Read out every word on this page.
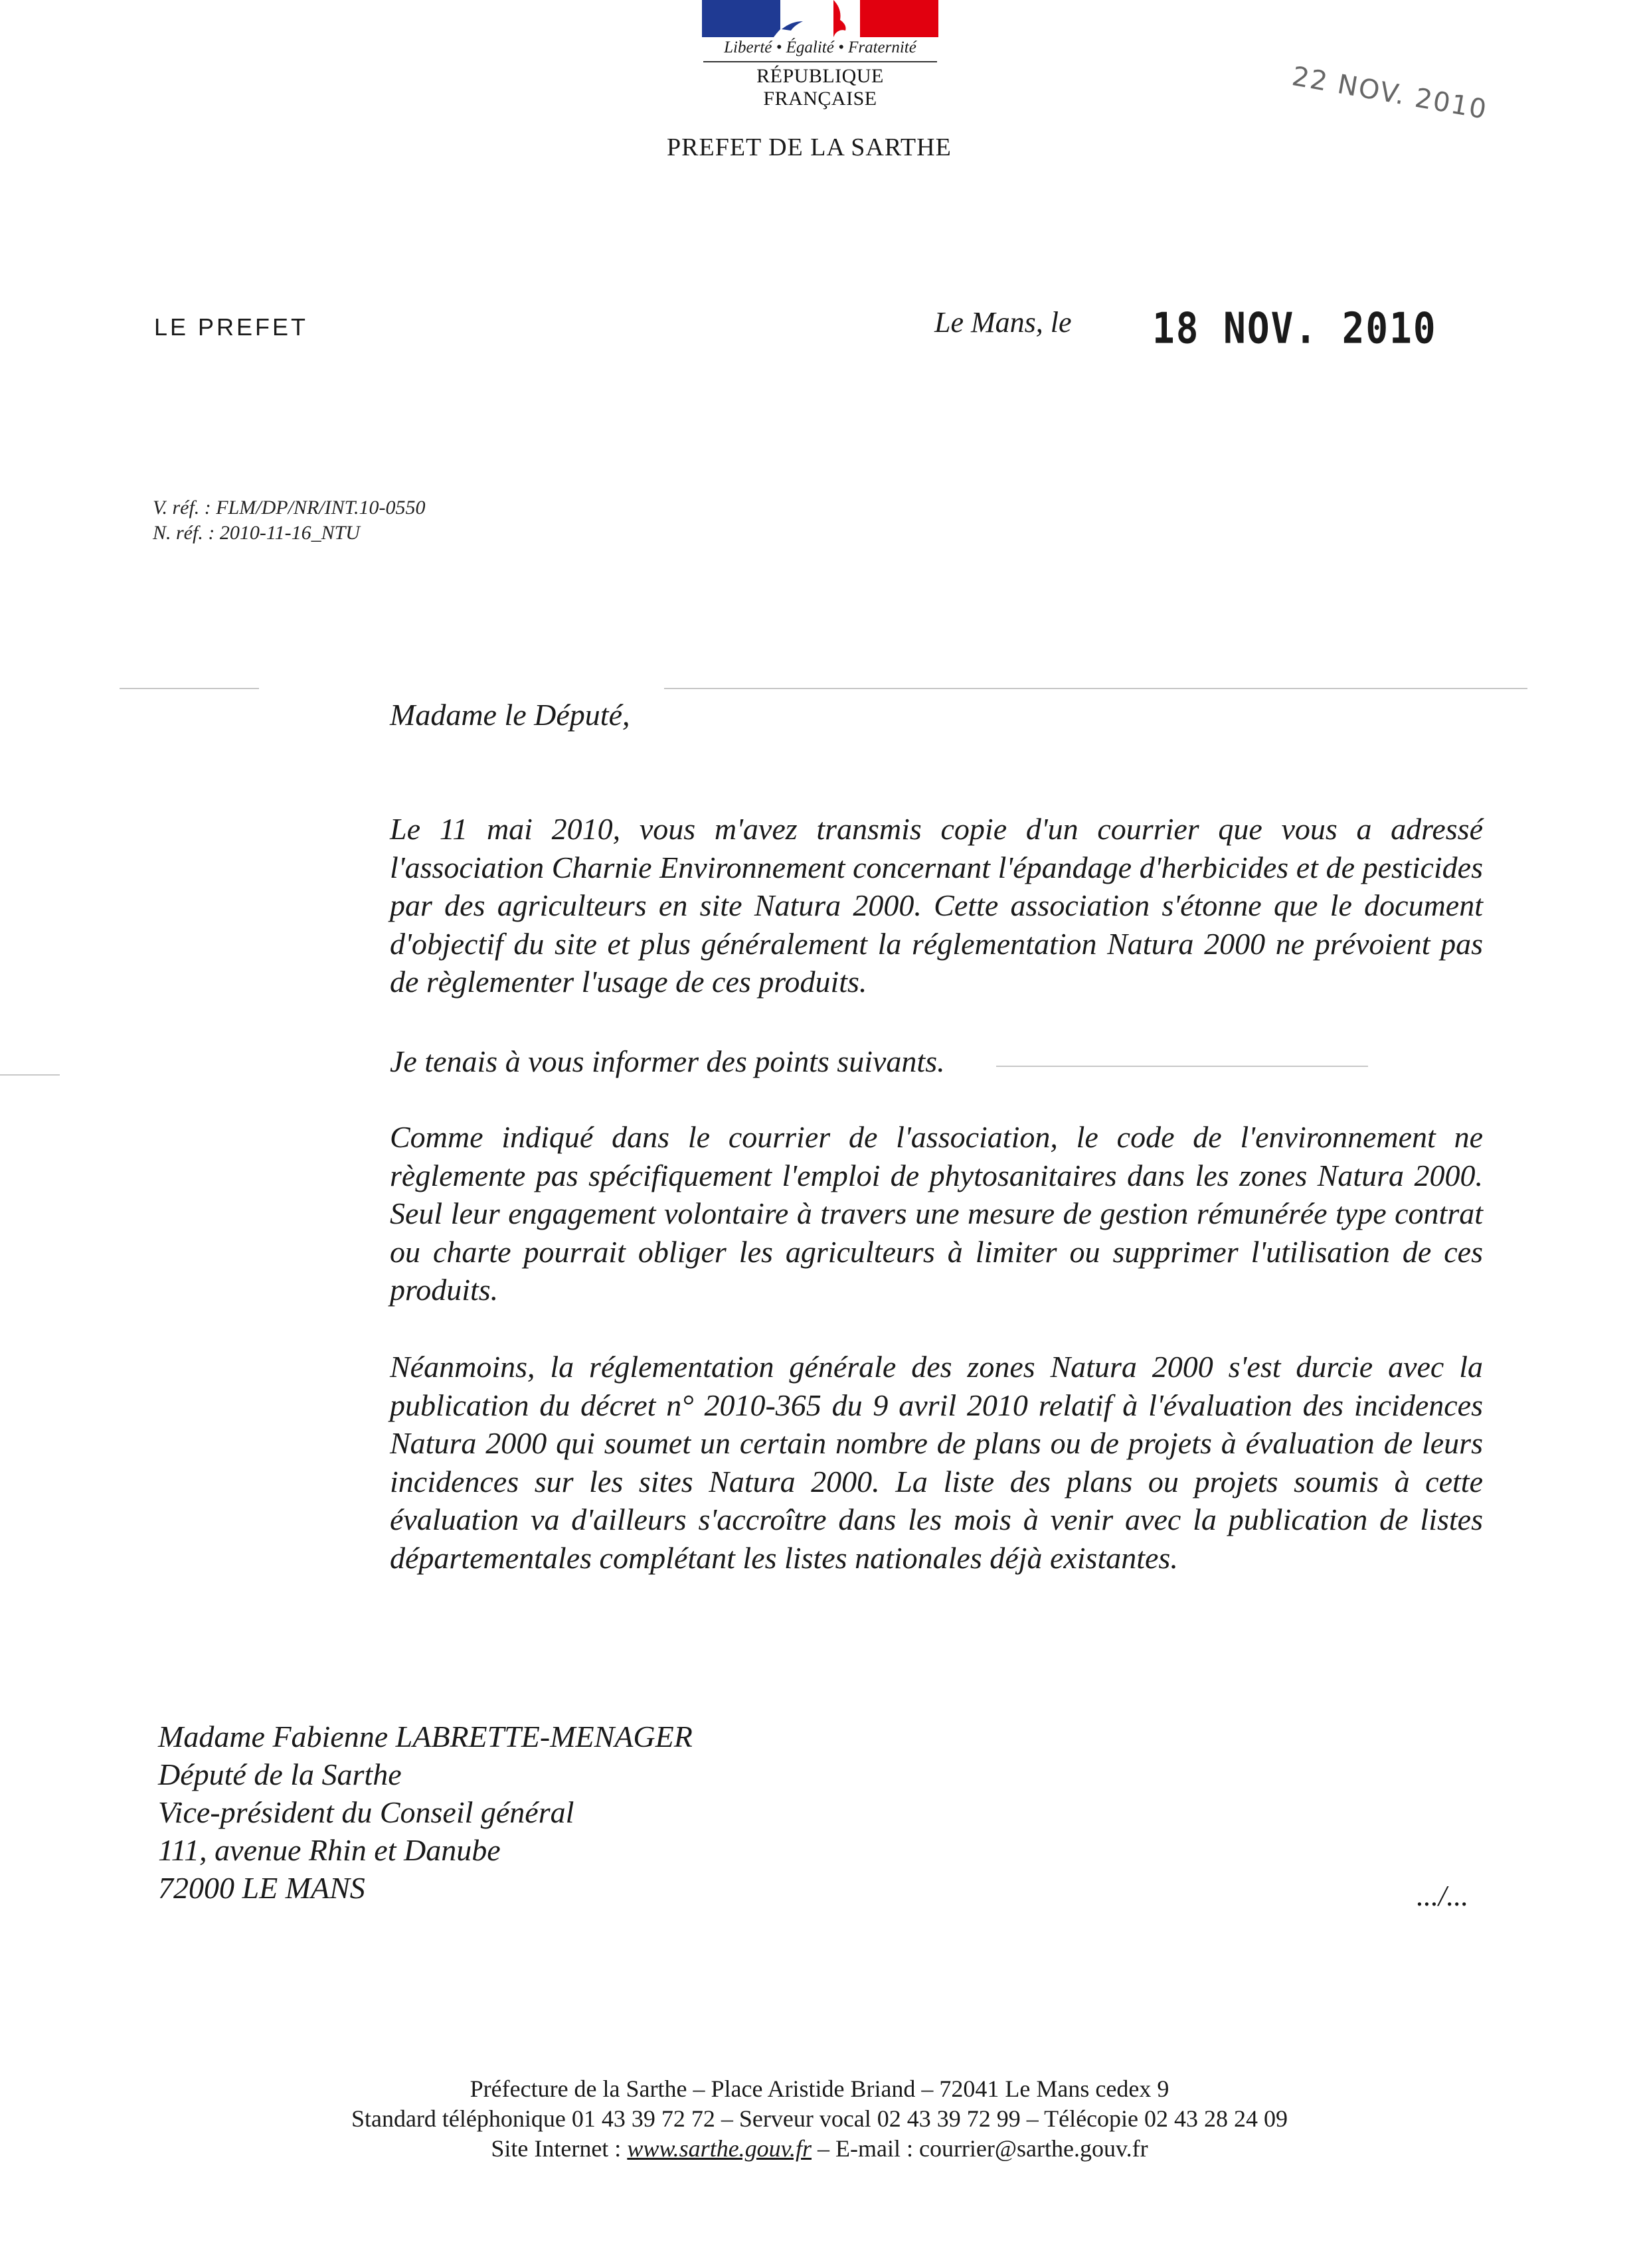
Liberté • Égalité • Fraternité
RÉPUBLIQUE FRANÇAISE
PREFET DE LA SARTHE
22 NOV. 2010
LE PREFET	Le Mans, le 18 NOV. 2010
V. réf. : FLM/DP/NR/INT.10-0550
N. réf. : 2010-11-16_NTU
Madame le Député,
Le 11 mai 2010, vous m'avez transmis copie d'un courrier que vous a adressé l'association Charnie Environnement concernant l'épandage d'herbicides et de pesticides par des agriculteurs en site Natura 2000. Cette association s'étonne que le document d'objectif du site et plus généralement la réglementation Natura 2000 ne prévoient pas de règlementer l'usage de ces produits.
Je tenais à vous informer des points suivants.
Comme indiqué dans le courrier de l'association, le code de l'environnement ne règlemente pas spécifiquement l'emploi de phytosanitaires dans les zones Natura 2000. Seul leur engagement volontaire à travers une mesure de gestion rémunérée type contrat ou charte pourrait obliger les agriculteurs à limiter ou supprimer l'utilisation de ces produits.
Néanmoins, la réglementation générale des zones Natura 2000 s'est durcie avec la publication du décret n° 2010-365 du 9 avril 2010 relatif à l'évaluation des incidences Natura 2000 qui soumet un certain nombre de plans ou de projets à évaluation de leurs incidences sur les sites Natura 2000. La liste des plans ou projets soumis à cette évaluation va d'ailleurs s'accroître dans les mois à venir avec la publication de listes départementales complétant les listes nationales déjà existantes.
Madame Fabienne LABRETTE-MENAGER
Député de la Sarthe
Vice-président du Conseil général
111, avenue Rhin et Danube
72000 LE MANS	.../...
Préfecture de la Sarthe – Place Aristide Briand – 72041 Le Mans cedex 9
Standard téléphonique 01 43 39 72 72 – Serveur vocal 02 43 39 72 99 – Télécopie 02 43 28 24 09
Site Internet : www.sarthe.gouv.fr – E-mail : courrier@sarthe.gouv.fr
